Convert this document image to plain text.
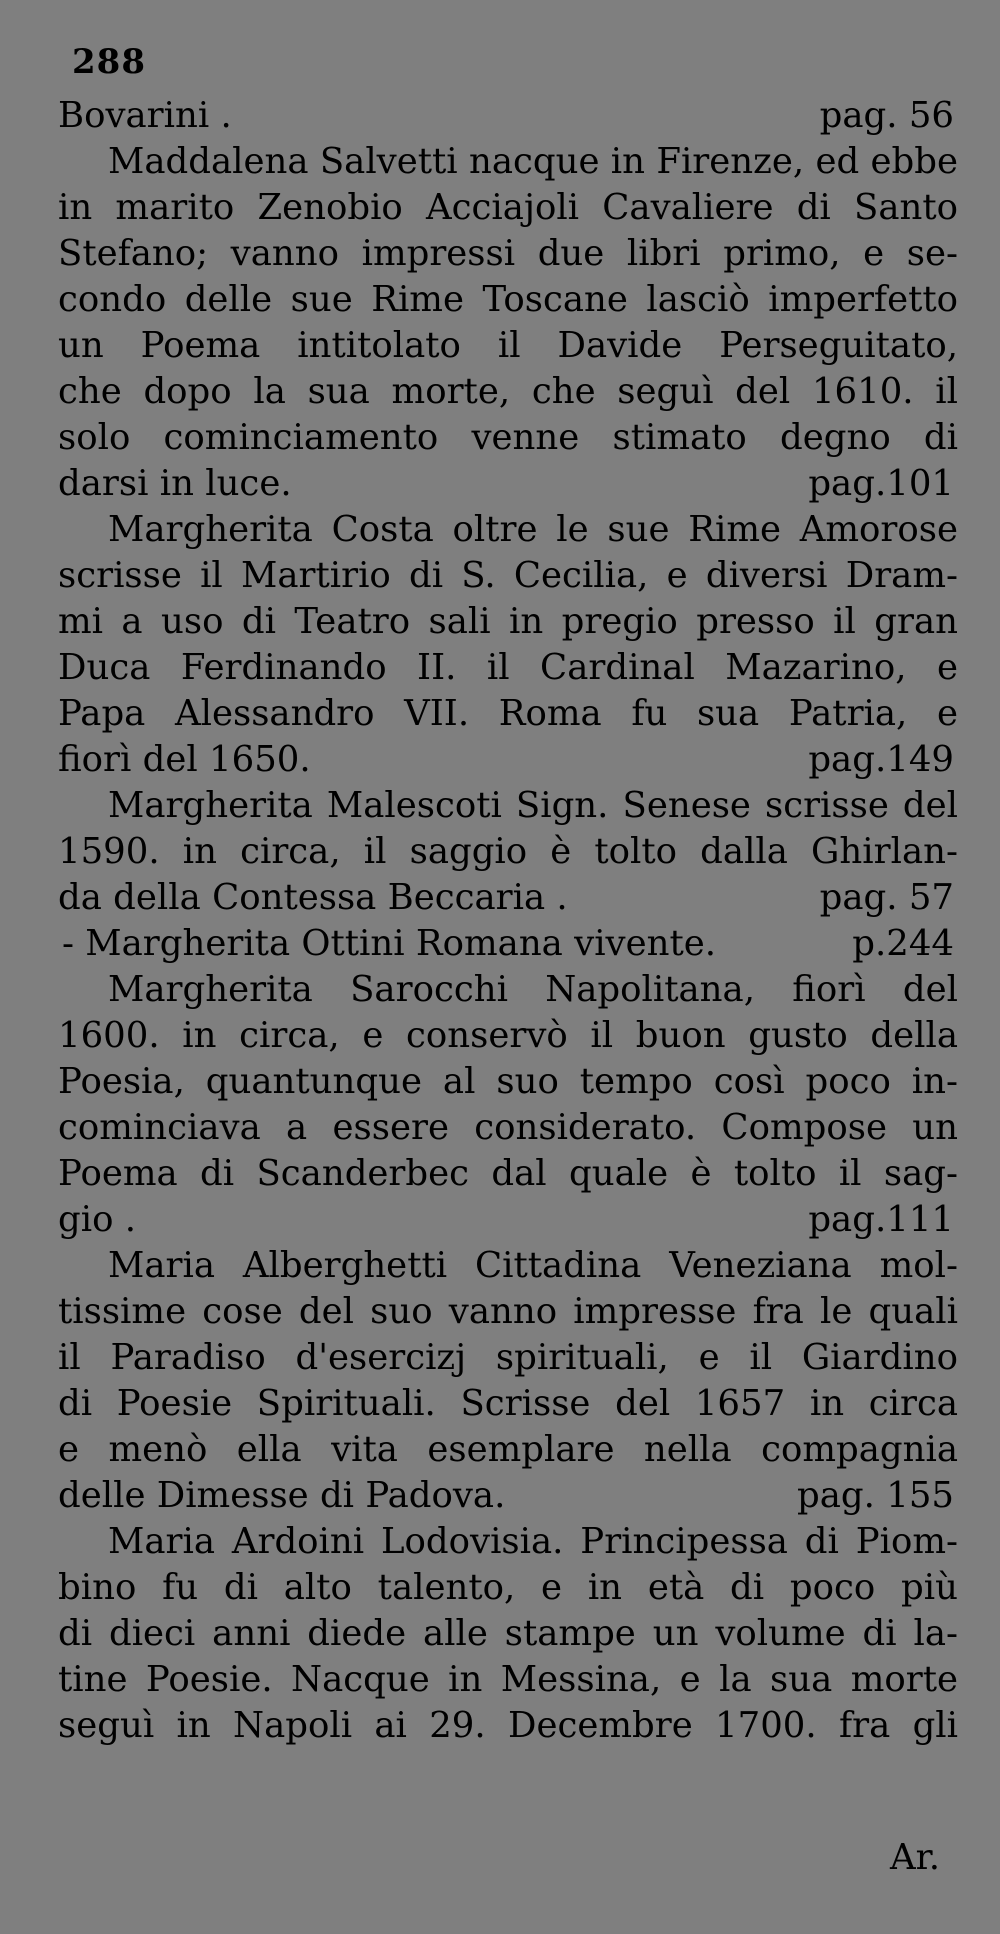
288
Bovarini .	pag. 56
Maddalena Salvetti nacque in Firenze, ed ebbe
in marito Zenobio Acciajoli Cavaliere di Santo
Stefano; vanno impressi due libri primo, e se-
condo delle sue Rime Toscane lasciò imperfetto
un Poema intitolato il Davide Perseguitato,
che dopo la sua morte, che seguì del 1610. il
solo cominciamento venne stimato degno di
darsi in luce.	pag.101
Margherita Costa oltre le sue Rime Amorose
scrisse il Martirio di S. Cecilia, e diversi Dram-
mi a uso di Teatro sali in pregio presso il gran
Duca Ferdinando II. il Cardinal Mazarino, e
Papa Alessandro VII. Roma fu sua Patria, e
fiorì del 1650.	pag.149
Margherita Malescoti Sign. Senese scrisse del
1590. in circa, il saggio è tolto dalla Ghirlan-
da della Contessa Beccaria .	pag. 57
- Margherita Ottini Romana vivente.	p.244
Margherita Sarocchi Napolitana, fiorì del
1600. in circa, e conservò il buon gusto della
Poesia, quantunque al suo tempo così poco in-
cominciava a essere considerato. Compose un
Poema di Scanderbec dal quale è tolto il sag-
gio .	pag.111
Maria Alberghetti Cittadina Veneziana mol-
tissime cose del suo vanno impresse fra le quali
il Paradiso d'esercizj spirituali, e il Giardino
di Poesie Spirituali. Scrisse del 1657 in circa
e menò ella vita esemplare nella compagnia
delle Dimesse di Padova.	pag. 155
Maria Ardoini Lodovisia. Principessa di Piom-
bino fu di alto talento, e in età di poco più
di dieci anni diede alle stampe un volume di la-
tine Poesie. Nacque in Messina, e la sua morte
seguì in Napoli ai 29. Decembre 1700. fra gli
Ar.
